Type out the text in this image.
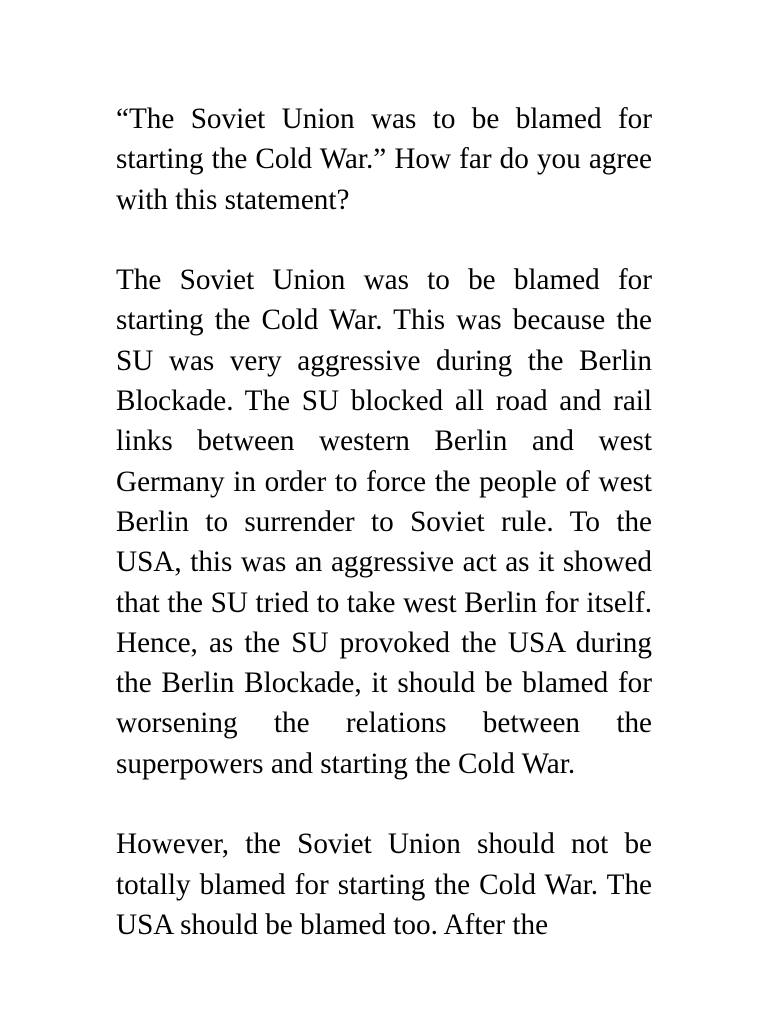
“The Soviet Union was to be blamed for starting the Cold War.” How far do you agree with this statement?

The Soviet Union was to be blamed for starting the Cold War. This was because the SU was very aggressive during the Berlin Blockade. The SU blocked all road and rail links between western Berlin and west Germany in order to force the people of west Berlin to surrender to Soviet rule. To the USA, this was an aggressive act as it showed that the SU tried to take west Berlin for itself. Hence, as the SU provoked the USA during the Berlin Blockade, it should be blamed for worsening the relations between the superpowers and starting the Cold War.

However, the Soviet Union should not be totally blamed for starting the Cold War. The USA should be blamed too. After the
